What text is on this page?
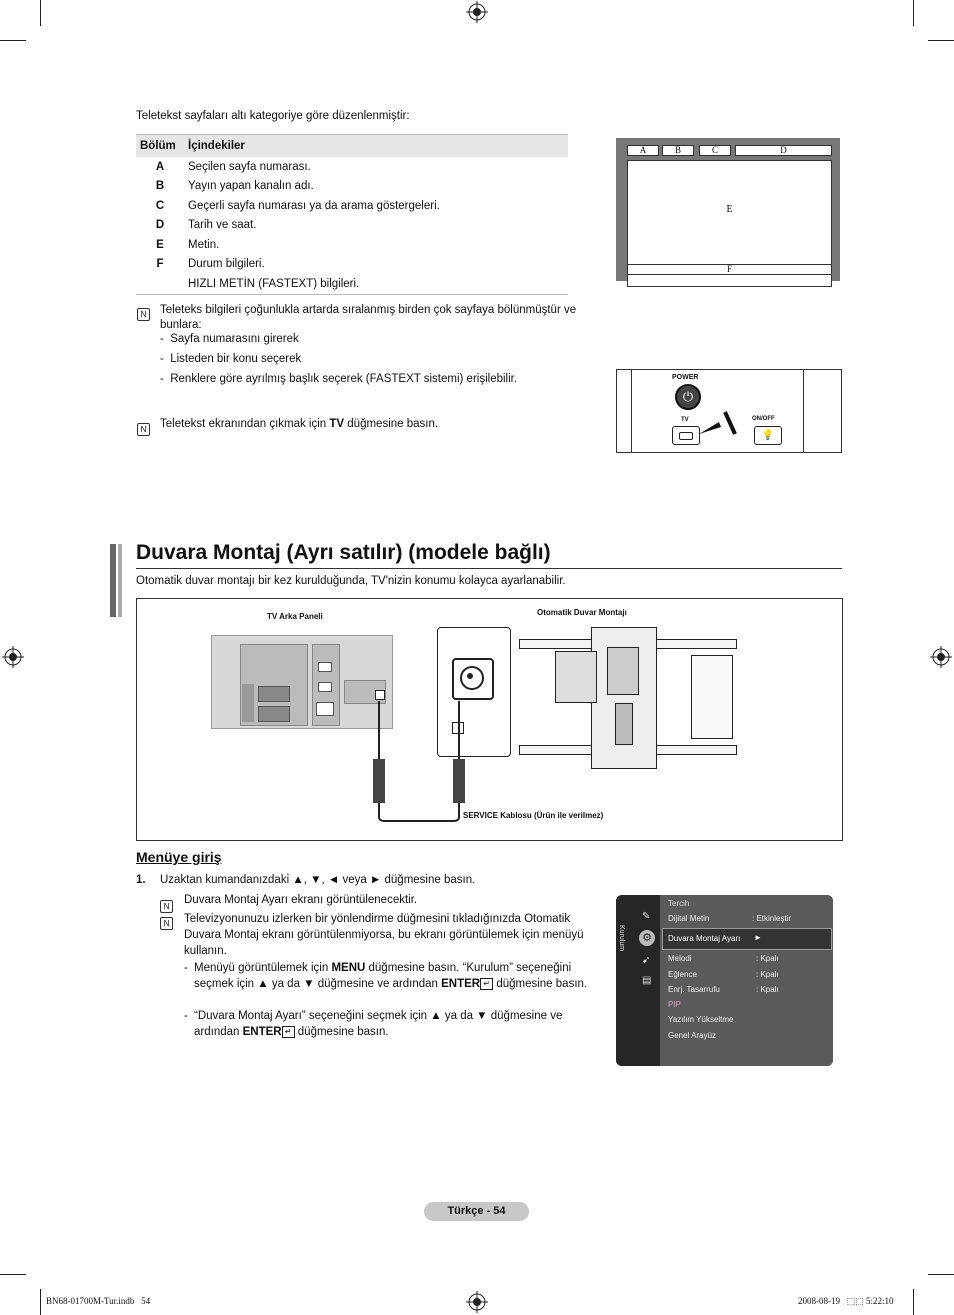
Teletekst sayfaları altı kategoriye göre düzenlenmiştir:
Bölüm	İçindekiler
A	Seçilen sayfa numarası.
B	Yayın yapan kanalın adı.
C	Geçerli sayfa numarası ya da arama göstergeleri.
D	Tarih ve saat.
E	Metin.
F	Durum bilgileri.
	HIZLI METİN (FASTEXT) bilgileri.
A	B	C	D
E
F
N	Teleteks bilgileri çoğunlukla artarda sıralanmış birden çok sayfaya bölünmüştür ve bunlara:
-  Sayfa numarasını girerek
-  Listeden bir konu seçerek
-  Renklere göre ayrılmış başlık seçerek (FASTEXT sistemi) erişilebilir.
N	Teletekst ekranından çıkmak için TV düğmesine basın.
POWER
⏻
TV	ON/OFF
💡
Duvara Montaj (Ayrı satılır) (modele bağlı)
Otomatik duvar montajı bir kez kurulduğunda, TV'nizin konumu kolayca ayarlanabilir.
TV Arka Paneli	Otomatik Duvar Montajı
SERVICE Kablosu (Ürün ile verilmez)
Menüye giriş
1. Uzaktan kumandanızdaki ▲, ▼, ◄ veya ► düğmesine basın.
N
Duvara Montaj Ayarı ekranı görüntülenecektir.
N	Televizyonunuzu izlerken bir yönlendirme düğmesini tıkladığınızda Otomatik Duvara Montaj ekranı görüntülenmiyorsa, bu ekranı görüntülemek için menüyü kullanın.
- Menüyü görüntülemek için MENU düğmesine basın. “Kurulum” seçeneğini seçmek için ▲ ya da ▼ düğmesine ve ardından ENTER ↵ düğmesine basın.
- “Duvara Montaj Ayarı” seçeneğini seçmek için ▲ ya da ▼ düğmesine ve ardından ENTER ↵ düğmesine basın.
Kurulum
✎
⚙
➹
▤
Tercih
Dijital Metin	: Etkinleştir
Duvara Montaj Ayarı ►
Melodi	: Kpalı
Eğlence	: Kpalı
Enrj. Tasarrufu	: Kpalı
PIP
Yazılım Yükseltme
Genel Arayüz
Türkçe - 54
BN68-01700M-Tur.indb   54	2008-08-19   ⬚⬚ 5:22:10
